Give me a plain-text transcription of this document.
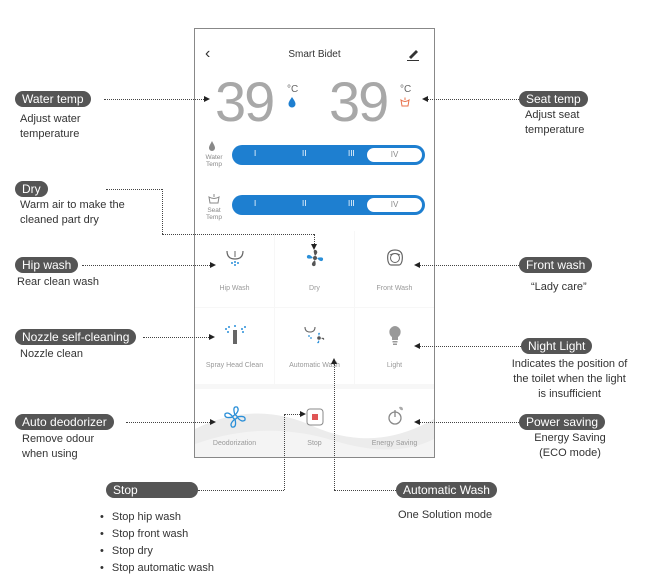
‹	Smart Bidet
39 °C 39 °C
Water Temp
I	II	III	IV
Seat Temp
I	II	III	IV
Hip Wash	Dry	Front Wash
Spray Head Clean	Automatic Wash	Light
Deodorization	Stop	Energy Saving
Water temp
Adjust water
temperature
Seat temp
Adjust seat
temperature
Dry
Warm air to make the
cleaned part dry
Hip wash
Rear clean wash
Front wash
“Lady care”
Nozzle self-cleaning
Nozzle clean
Night Light
Indicates the position of
the toilet when the light
is insufficient
Auto deodorizer
Remove odour
when using
Power saving
Energy Saving
(ECO mode)
Stop
• Stop hip wash
• Stop front wash
• Stop dry
• Stop automatic wash
Automatic Wash
One Solution mode
